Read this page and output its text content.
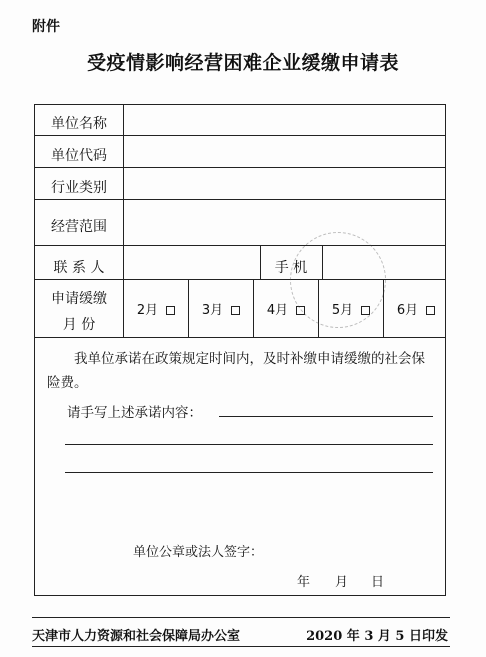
附件
受疫情影响经营困难企业缓缴申请表
单位名称
单位代码
行业类别
经营范围
联 系 人	手 机
申请缓缴
月 份
2月	3月	4月	5月	6月
我单位承诺在政策规定时间内，及时补缴申请缓缴的社会保险费。
请手写上述承诺内容：
单位公章或法人签字：
年 月 日
天津市人力资源和社会保障局办公室	2020 年 3 月 5 日印发
